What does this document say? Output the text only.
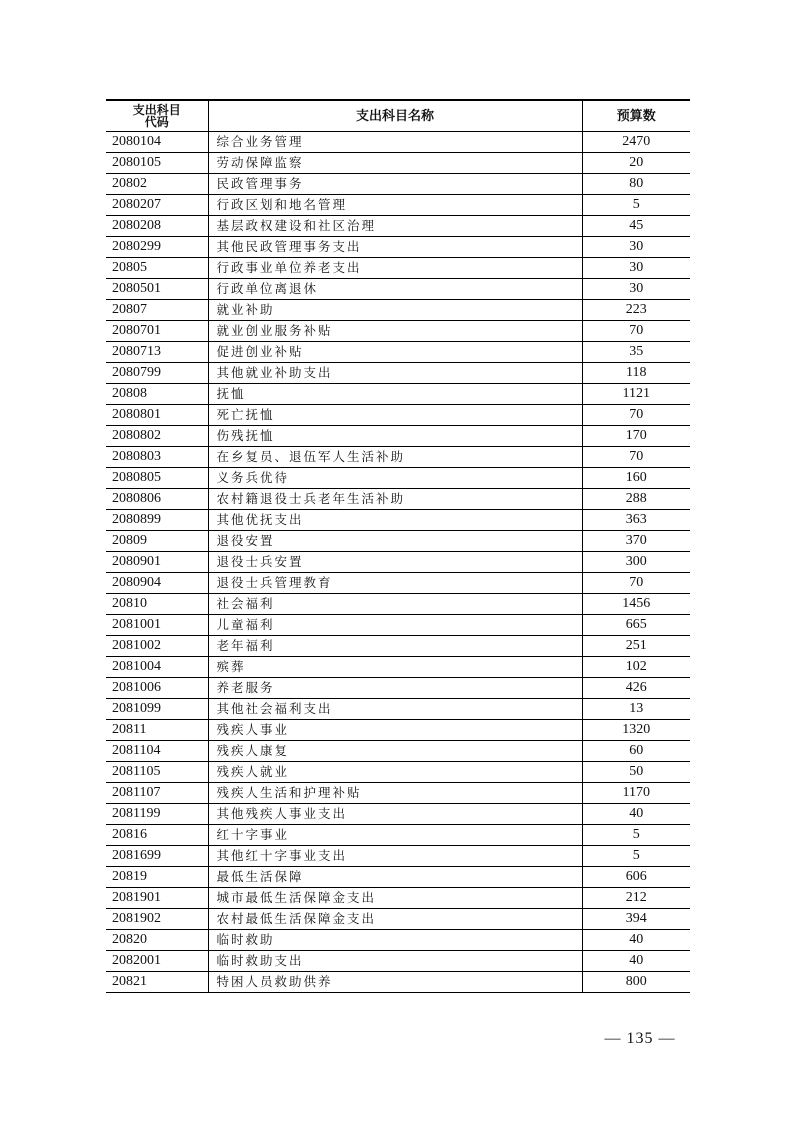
支出科目
代码	支出科目名称	预算数
2080104	综合业务管理	2470
2080105	劳动保障监察	20
20802	民政管理事务	80
2080207	行政区划和地名管理	5
2080208	基层政权建设和社区治理	45
2080299	其他民政管理事务支出	30
20805	行政事业单位养老支出	30
2080501	行政单位离退休	30
20807	就业补助	223
2080701	就业创业服务补贴	70
2080713	促进创业补贴	35
2080799	其他就业补助支出	118
20808	抚恤	1121
2080801	死亡抚恤	70
2080802	伤残抚恤	170
2080803	在乡复员、退伍军人生活补助	70
2080805	义务兵优待	160
2080806	农村籍退役士兵老年生活补助	288
2080899	其他优抚支出	363
20809	退役安置	370
2080901	退役士兵安置	300
2080904	退役士兵管理教育	70
20810	社会福利	1456
2081001	儿童福利	665
2081002	老年福利	251
2081004	殡葬	102
2081006	养老服务	426
2081099	其他社会福利支出	13
20811	残疾人事业	1320
2081104	残疾人康复	60
2081105	残疾人就业	50
2081107	残疾人生活和护理补贴	1170
2081199	其他残疾人事业支出	40
20816	红十字事业	5
2081699	其他红十字事业支出	5
20819	最低生活保障	606
2081901	城市最低生活保障金支出	212
2081902	农村最低生活保障金支出	394
20820	临时救助	40
2082001	临时救助支出	40
20821	特困人员救助供养	800
— 135 —
